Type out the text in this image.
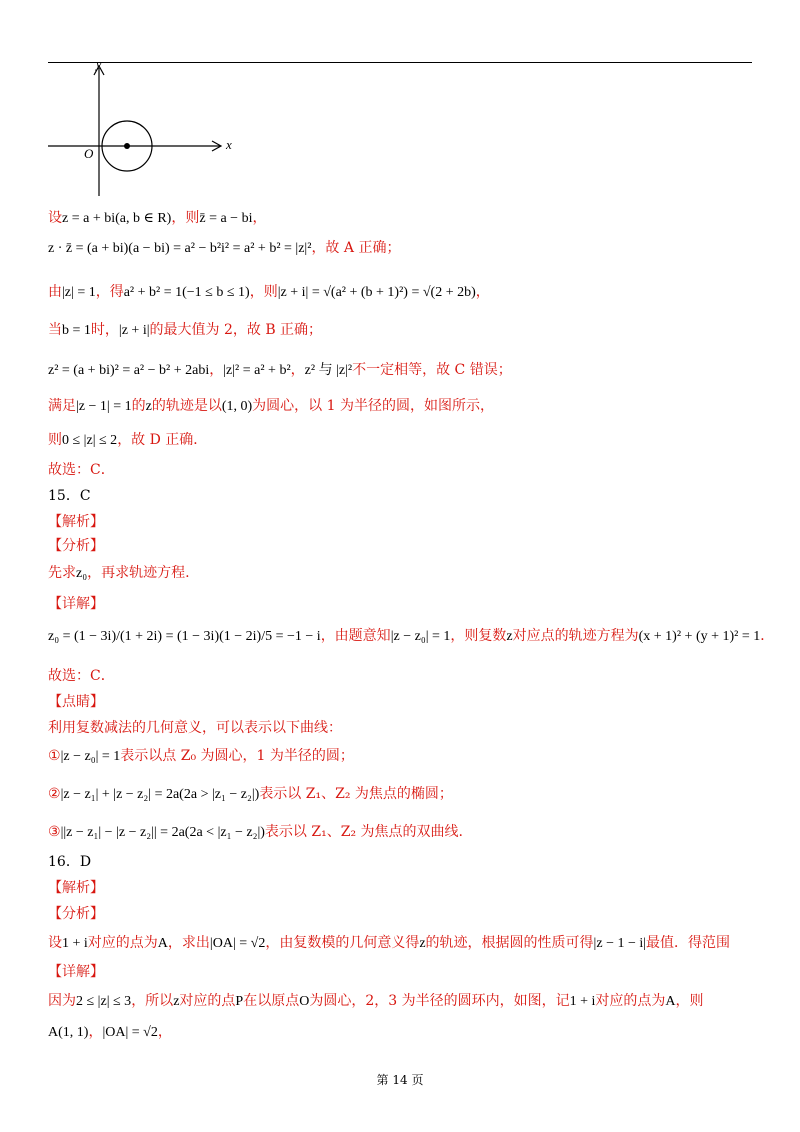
y
x
O
设z = a + bi(a, b ∈ R)，则z̄ = a − bi，
z · z̄ = (a + bi)(a − bi) = a² − b²i² = a² + b² = |z|²，故 A 正确；
由|z| = 1，得a² + b² = 1(−1 ≤ b ≤ 1)，则|z + i| = √(a² + (b + 1)²) = √(2 + 2b)，
当b = 1时，|z + i|的最大值为 2，故 B 正确；
z² = (a + bi)² = a² − b² + 2abi，|z|² = a² + b²，z² 与 |z|²不一定相等，故 C 错误；
满足|z − 1| = 1的z的轨迹是以(1, 0)为圆心，以 1 为半径的圆，如图所示，
则0 ≤ |z| ≤ 2，故 D 正确．
故选：C．
15．C
【解析】
【分析】
先求z₀，再求轨迹方程.
【详解】
z₀ = (1 − 3i)/(1 + 2i) = (1 − 3i)(1 − 2i)/5 = −1 − i，由题意知|z − z₀| = 1，则复数z对应点的轨迹方程为(x + 1)² + (y + 1)² = 1．
故选：C．
【点睛】
利用复数减法的几何意义，可以表示以下曲线：
①|z − z₀| = 1表示以点 Z₀ 为圆心，1 为半径的圆；
②|z − z₁| + |z − z₂| = 2a(2a > |z₁ − z₂|)表示以 Z₁、Z₂ 为焦点的椭圆；
③||z − z₁| − |z − z₂|| = 2a(2a < |z₁ − z₂|)表示以 Z₁、Z₂ 为焦点的双曲线.
16．D
【解析】
【分析】
设1 + i对应的点为A，求出|OA| = √2，由复数模的几何意义得z的轨迹，根据圆的性质可得|z − 1 − i|最值．得范围
【详解】
因为2 ≤ |z| ≤ 3，所以z对应的点P在以原点O为圆心，2，3 为半径的圆环内，如图，记1 + i对应的点为A，则
A(1, 1)，|OA| = √2，
第 14 页
